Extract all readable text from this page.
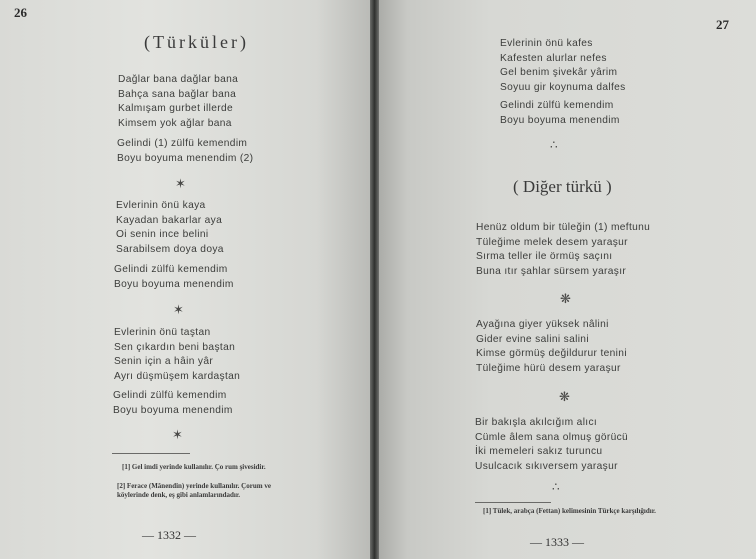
26
(Türküler)
Dağlar bana dağlar bana
Bahça sana bağlar bana
Kalmışam gurbet illerde
Kimsem yok ağlar bana
Gelindi (1) zülfü kemendim
Boyu boyuma menendim (2)
✶
Evlerinin önü kaya
Kayadan bakarlar aya
Oi senin ince belini
Sarabilsem doya doya
Gelindi zülfü kemendim
Boyu boyuma menendim
✶
Evlerinin önü taştan
Sen çıkardın beni baştan
Senin için a hâin yâr
Ayrı düşmüşem kardaştan
Gelindi zülfü kemendim
Boyu boyuma menendim
✶
[1] Gel imdi yerinde kullanılır. Ço rum şivesidir.
[2] Ferace (Mânendin) yerinde kullanılır. Çorum ve köylerinde denk, eş gibi anlamlarındadır.
— 1332 —
27
Evlerinin önü kafes
Kafesten alurlar nefes
Gel benim şivekâr yârim
Soyuu gir koynuma dalfes
Gelindi zülfü kemendim
Boyu boyuma menendim
∴
( Diğer türkü )
Henüz oldum bir tüleğin (1) meftunu
Tüleğime melek desem yaraşur
Sırma teller ile örmüş saçını
Buna ıtır şahlar sürsem yaraşır
❋
Ayağına giyer yüksek nâlini
Gider evine salini salini
Kimse görmüş değildurur tenini
Tüleğime hürü desem yaraşur
❋
Bir bakışla akılcığım alıcı
Cümle âlem sana olmuş görücü
İki memeleri sakız turuncu
Usulcacık sıkıversem yaraşur
∴
[1] Tülek, arabça (Fettan) kelimesinin Türkçe karşılığıdır.
— 1333 —
